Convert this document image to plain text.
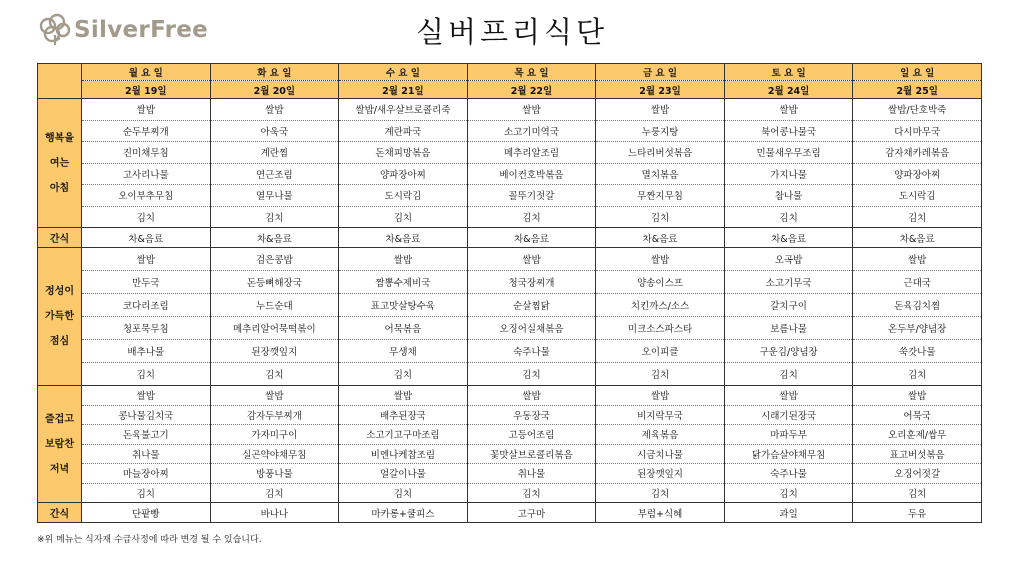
SilverFree	실버프리식단
	월 요 일	화 요 일	수 요 일	목 요 일	금 요 일	토 요 일	일 요 일
	2월 19일	2월 20일	2월 21일	2월 22일	2월 23일	2월 24일	2월 25일

행복을
여는
아침	쌀밥	쌀밥	쌀밥/새우살브로콜리죽	쌀밥	쌀밥	쌀밥	쌀밥/단호박죽
	순두부찌개	아욱국	계란파국	소고기미역국	누룽지탕	북어콩나물국	다시마무국
	진미채무침	계란찜	돈채피망볶음	메추리알조림	느타리버섯볶음	민물새우무조림	감자채카레볶음
	고사리나물	연근조림	양파장아찌	베이컨호박볶음	멸치볶음	가지나물	양파장아찌
	오이부추무침	열무나물	도시락김	꼴뚜기젓갈	무짠지무침	참나물	도시락김
	김치	김치	김치	김치	김치	김치	김치
간식	차&음료	차&음료	차&음료	차&음료	차&음료	차&음료	차&음료

정성이
가득한
점심	쌀밥	검은콩밥	쌀밥	쌀밥	쌀밥	오곡밥	쌀밥
	만두국	돈등뼈해장국	짬뽕수제비국	청국장찌개	양송이스프	소고기무국	근대국
	코다리조림	누드순대	표고맛살탕수육	순살찜닭	치킨까스/소스	갈치구이	돈육김치찜
	청포묵무침	메추리알어묵떡볶이	어묵볶음	오징어실채볶음	미크소스파스타	보름나물	온두부/양념장
	배추나물	된장깻잎지	무생채	숙주나물	오이피클	구운김/양념장	쑥갓나물
	김치	김치	김치	김치	김치	김치	김치

즐겁고
보람찬
저녁	쌀밥	쌀밥	쌀밥	쌀밥	쌀밥	쌀밥	쌀밥
	콩나물김치국	감자두부찌개	배추된장국	우동장국	비지락무국	시래기된장국	어묵국
	돈육불고기	가자미구이	소고기고구마조림	고등어조림	제육볶음	마파두부	오리훈제/쌈무
	취나물	실곤약야채무침	비엔나케찹조림	꽃맛살브로콜리볶음	시금치나물	닭가슴살야채무침	표고버섯볶음
	마늘장아찌	방풍나물	얼갈이나물	취나물	된장깻잎지	숙주나물	오징어젓갈
	김치	김치	김치	김치	김치	김치	김치
간식	단팥빵	바나나	마카롱+쿨피스	고구마	부럼+식혜	과일	두유
※위 메뉴는 식자재 수급사정에 따라 변경 될 수 있습니다.
